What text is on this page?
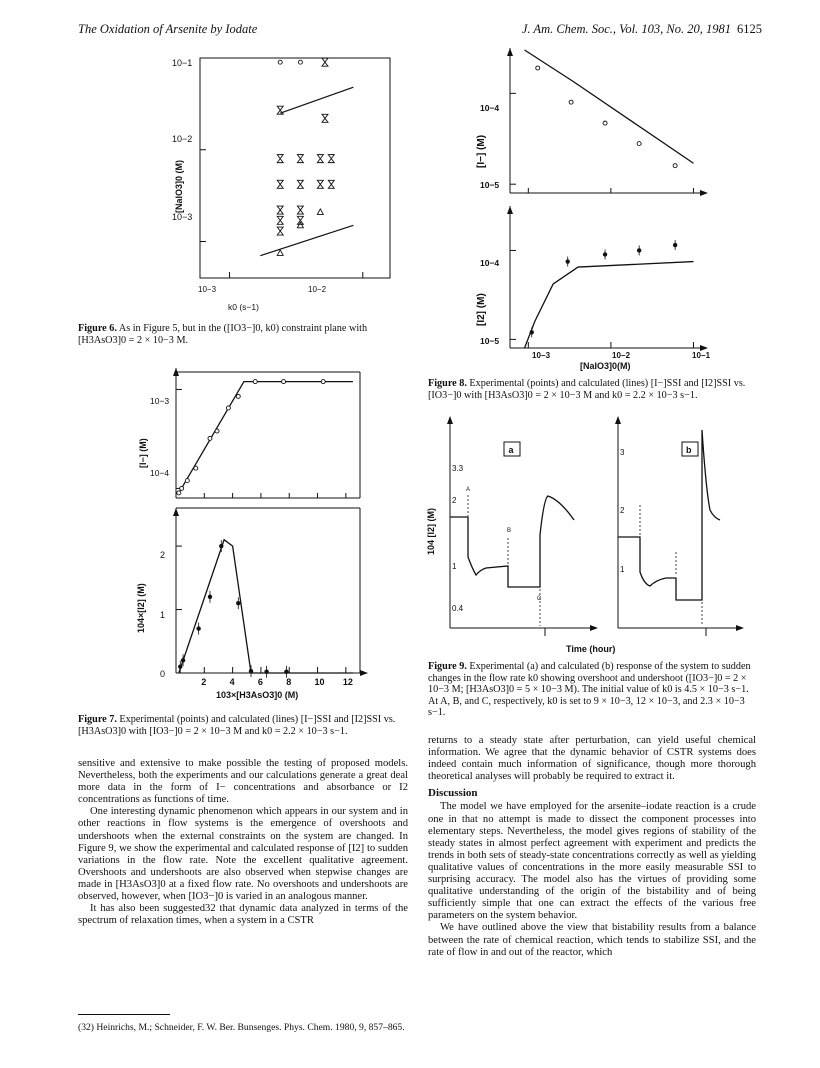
The Oxidation of Arsenite by Iodate	J. Am. Chem. Soc., Vol. 103, No. 20, 1981 6125
10−1
10−2
10−3
10−3	10−2
k0 (s−1)
[NaIO3]0 (M)
Figure 6. As in Figure 5, but in the ([IO3−]0, k0) constraint plane with [H3AsO3]0 = 2 × 10−3 M.
10−3
10−4
[I−] (M)
2
1
0
104×[I2] (M)
2	4	6	8	10 12
103×[H3AsO3]0 (M)
Figure 7. Experimental (points) and calculated (lines) [I−]SSI and [I2]SSI vs. [H3AsO3]0 with [IO3−]0 = 2 × 10−3 M and k0 = 2.2 × 10−3 s−1.
10−4
10−5
[I−] (M)
10−4
10−5
[I2] (M)
10−3	10−2	10−1
[NaIO3]0(M)
Figure 8. Experimental (points) and calculated (lines) [I−]SSI and [I2]SSI vs. [IO3−]0 with [H3AsO3]0 = 2 × 10−3 M and k0 = 2.2 × 10−3 s−1.
a
3.3
2
1
0.4
A
B
C
104 [I2] (M)
b
3
2
1
Time (hour)
Figure 9. Experimental (a) and calculated (b) response of the system to sudden changes in the flow rate k0 showing overshoot and undershoot ([IO3−]0 = 2 × 10−3 M; [H3AsO3]0 = 5 × 10−3 M). The initial value of k0 is 4.5 × 10−3 s−1. At A, B, and C, respectively, k0 is set to 9 × 10−3, 12 × 10−3, and 2.3 × 10−3 s−1.

sensitive and extensive to make possible the testing of proposed models. Nevertheless, both the experiments and our calculations generate a great deal more data in the form of I− concentrations and absorbance or I2 concentrations as functions of time.

One interesting dynamic phenomenon which appears in our system and in other reactions in flow systems is the emergence of overshoots and undershoots when the external constraints on the system are changed. In Figure 9, we show the experimental and calculated response of [I2] to sudden variations in the flow rate. Note the excellent qualitative agreement. Overshoots and undershoots are also observed when stepwise changes are made in [H3AsO3]0 at a fixed flow rate. No overshoots and undershoots are observed, however, when [IO3−]0 is varied in an analogous manner.

It has also been suggested32 that dynamic data analyzed in terms of the spectrum of relaxation times, when a system in a CSTR

(32) Heinrichs, M.; Schneider, F. W. Ber. Bunsenges. Phys. Chem. 1980, 9, 857–865.

returns to a steady state after perturbation, can yield useful chemical information. We agree that the dynamic behavior of CSTR systems does indeed contain much information of significance, though more thorough theoretical analyses will probably be required to extract it.

Discussion

The model we have employed for the arsenite–iodate reaction is a crude one in that no attempt is made to dissect the component processes into elementary steps. Nevertheless, the model gives regions of stability of the steady states in almost perfect agreement with experiment and predicts the trends in both sets of steady-state concentrations correctly as well as yielding qualitative values of concentrations in the more easily measurable SSI to surprising accuracy. The model also has the virtues of providing some qualitative understanding of the origin of the bistability and of being sufficiently simple that one can extract the effects of the various free parameters on the system behavior.

We have outlined above the view that bistability results from a balance between the rate of chemical reaction, which tends to stabilize SSI, and the rate of flow in and out of the reactor, which
